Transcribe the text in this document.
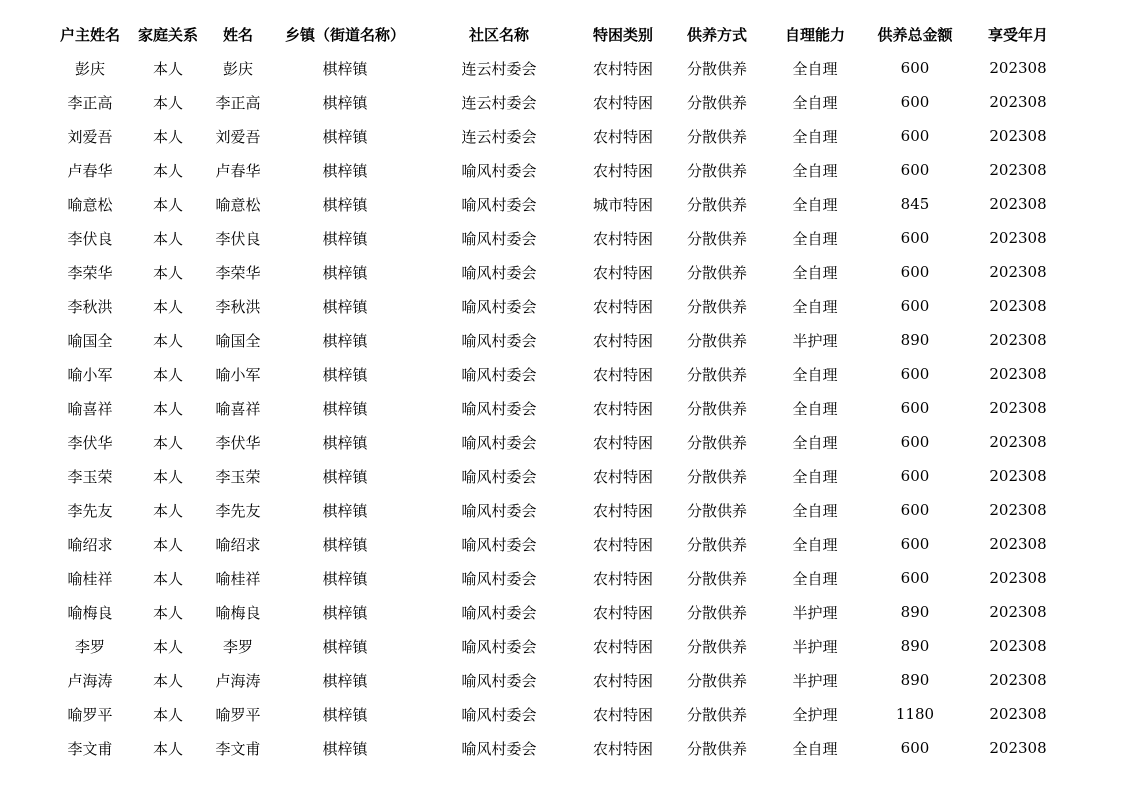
户主姓名	家庭关系	姓名	乡镇（街道名称）	社区名称	特困类别	供养方式	自理能力	供养总金额	享受年月
彭庆	本人	彭庆	棋梓镇	连云村委会	农村特困	分散供养	全自理	600	202308
李正高	本人	李正高	棋梓镇	连云村委会	农村特困	分散供养	全自理	600	202308
刘爱吾	本人	刘爱吾	棋梓镇	连云村委会	农村特困	分散供养	全自理	600	202308
卢春华	本人	卢春华	棋梓镇	喻风村委会	农村特困	分散供养	全自理	600	202308
喻意松	本人	喻意松	棋梓镇	喻风村委会	城市特困	分散供养	全自理	845	202308
李伏良	本人	李伏良	棋梓镇	喻风村委会	农村特困	分散供养	全自理	600	202308
李荣华	本人	李荣华	棋梓镇	喻风村委会	农村特困	分散供养	全自理	600	202308
李秋洪	本人	李秋洪	棋梓镇	喻风村委会	农村特困	分散供养	全自理	600	202308
喻国全	本人	喻国全	棋梓镇	喻风村委会	农村特困	分散供养	半护理	890	202308
喻小军	本人	喻小军	棋梓镇	喻风村委会	农村特困	分散供养	全自理	600	202308
喻喜祥	本人	喻喜祥	棋梓镇	喻风村委会	农村特困	分散供养	全自理	600	202308
李伏华	本人	李伏华	棋梓镇	喻风村委会	农村特困	分散供养	全自理	600	202308
李玉荣	本人	李玉荣	棋梓镇	喻风村委会	农村特困	分散供养	全自理	600	202308
李先友	本人	李先友	棋梓镇	喻风村委会	农村特困	分散供养	全自理	600	202308
喻绍求	本人	喻绍求	棋梓镇	喻风村委会	农村特困	分散供养	全自理	600	202308
喻桂祥	本人	喻桂祥	棋梓镇	喻风村委会	农村特困	分散供养	全自理	600	202308
喻梅良	本人	喻梅良	棋梓镇	喻风村委会	农村特困	分散供养	半护理	890	202308
李罗	本人	李罗	棋梓镇	喻风村委会	农村特困	分散供养	半护理	890	202308
卢海涛	本人	卢海涛	棋梓镇	喻风村委会	农村特困	分散供养	半护理	890	202308
喻罗平	本人	喻罗平	棋梓镇	喻风村委会	农村特困	分散供养	全护理	1180	202308
李文甫	本人	李文甫	棋梓镇	喻风村委会	农村特困	分散供养	全自理	600	202308
